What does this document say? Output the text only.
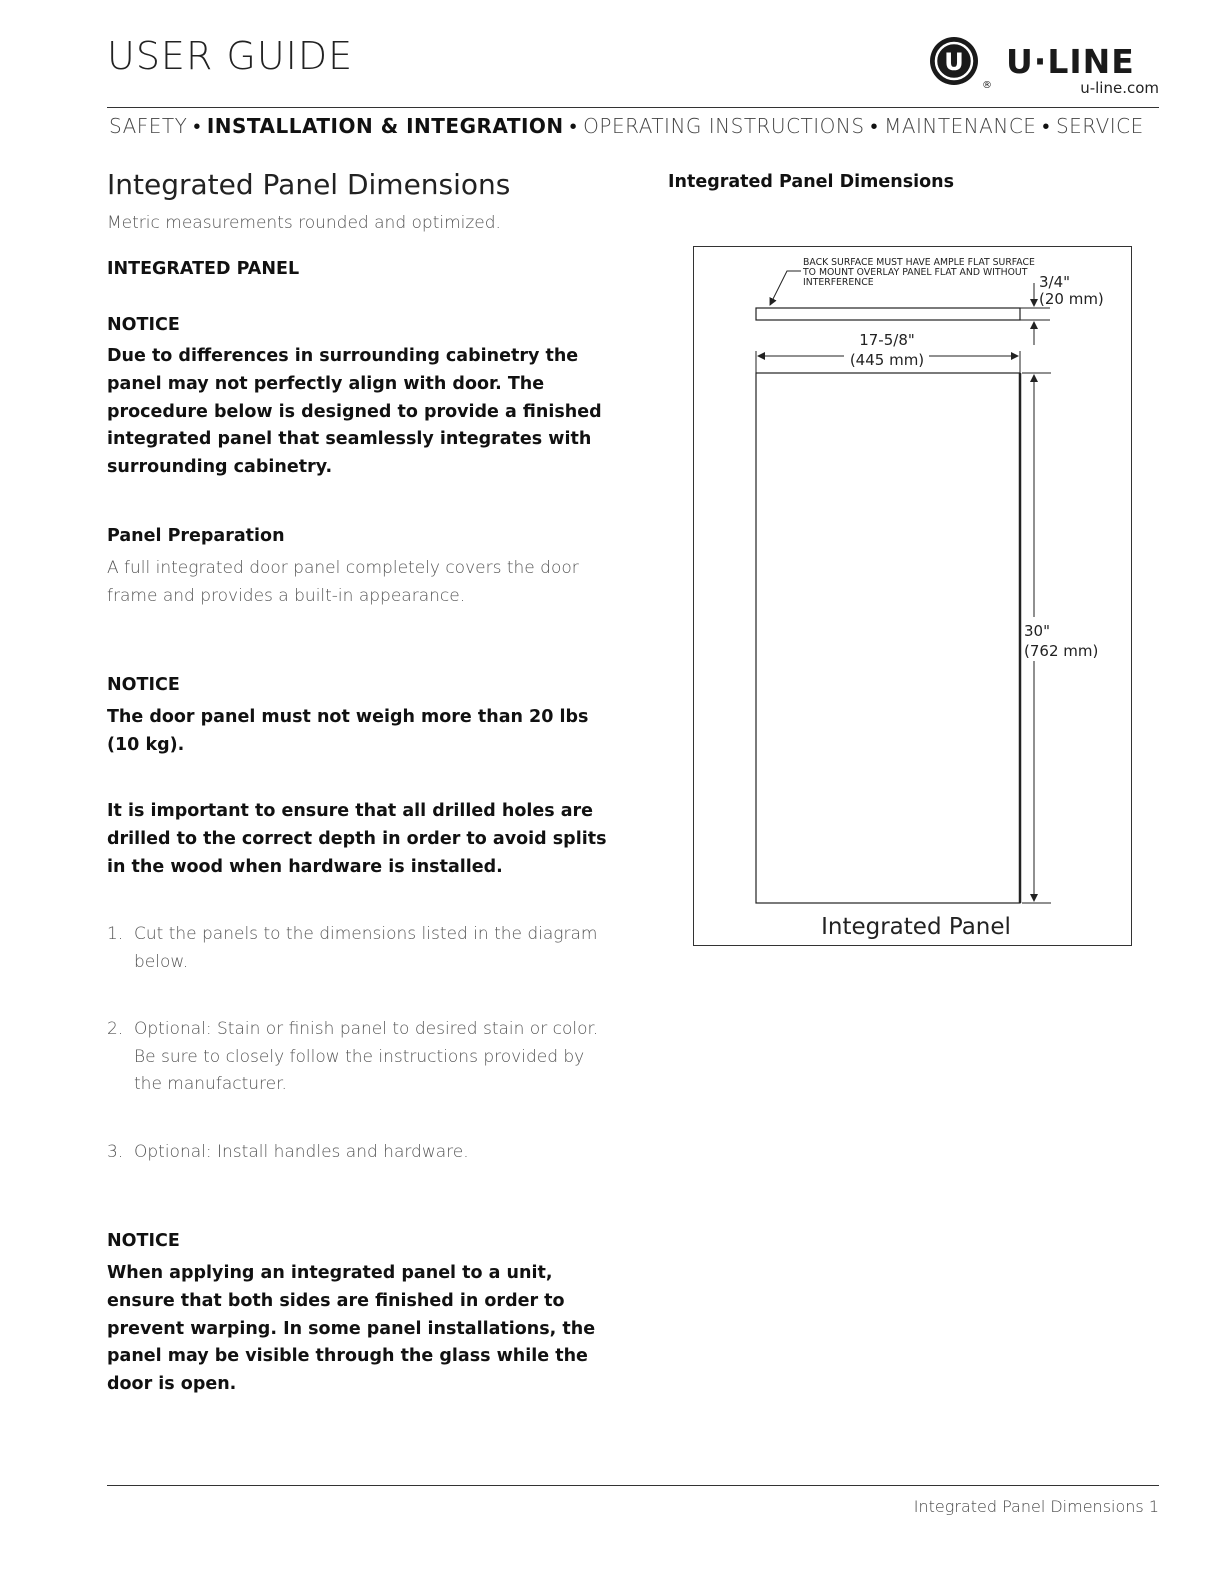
USER GUIDE	U
®
U·LINE
u-line.com
SAFETY • INSTALLATION & INTEGRATION • OPERATING INSTRUCTIONS • MAINTENANCE • SERVICE
Integrated Panel Dimensions
Metric measurements rounded and optimized.
INTEGRATED PANEL
NOTICE
Due to differences in surrounding cabinetry the panel may not perfectly align with door. The procedure below is designed to provide a finished integrated panel that seamlessly integrates with surrounding cabinetry.
Panel Preparation
A full integrated door panel completely covers the door frame and provides a built-in appearance.
NOTICE
The door panel must not weigh more than 20 lbs (10 kg).
It is important to ensure that all drilled holes are drilled to the correct depth in order to avoid splits in the wood when hardware is installed.
1. Cut the panels to the dimensions listed in the diagram below.
2. Optional: Stain or finish panel to desired stain or color. Be sure to closely follow the instructions provided by the manufacturer.
3. Optional: Install handles and hardware.
NOTICE
When applying an integrated panel to a unit, ensure that both sides are finished in order to prevent warping. In some panel installations, the panel may be visible through the glass while the door is open.
Integrated Panel Dimensions
BACK SURFACE MUST HAVE AMPLE FLAT SURFACE
TO MOUNT OVERLAY PANEL FLAT AND WITHOUT
INTERFERENCE	3/4"
(20 mm)
17-5/8"
(445 mm)
30"
(762 mm)
Integrated Panel
Integrated Panel Dimensions 1
